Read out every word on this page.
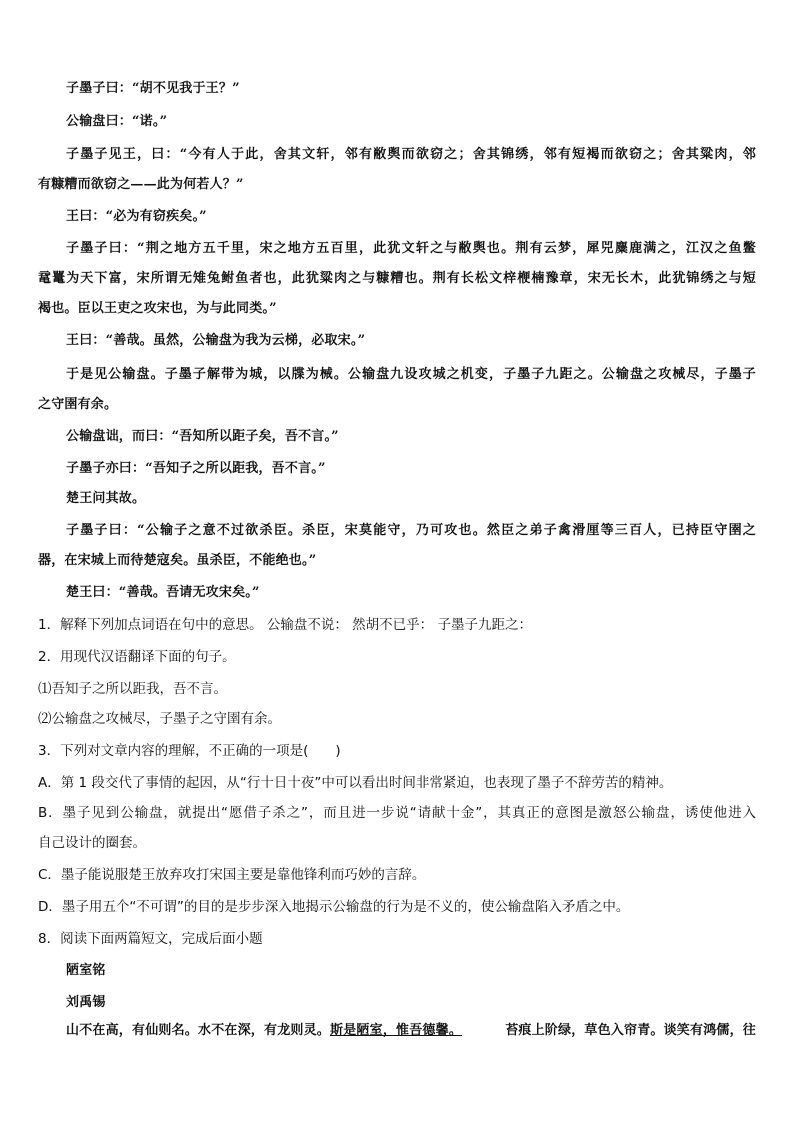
子墨子曰：“胡不见我于王？”
公输盘曰：“诺。”
子墨子见王，曰：“今有人于此，舍其文轩，邻有敝舆而欲窃之；舍其锦绣，邻有短褐而欲窃之；舍其粱肉，邻
有糠糟而欲窃之——此为何若人？”
王曰：“必为有窃疾矣。”
子墨子曰：“荆之地方五千里，宋之地方五百里，此犹文轩之与敝舆也。荆有云梦，犀兕麋鹿满之，江汉之鱼鳖
鼋鼍为天下富，宋所谓无雉兔鲋鱼者也，此犹粱肉之与糠糟也。荆有长松文梓楩楠豫章，宋无长木，此犹锦绣之与短
褐也。臣以王吏之攻宋也，为与此同类。”
王曰：“善哉。虽然，公输盘为我为云梯，必取宋。”
于是见公输盘。子墨子解带为城，以牒为械。公输盘九设攻城之机变，子墨子九距之。公输盘之攻械尽，子墨子
之守圉有余。
公输盘诎，而曰：“吾知所以距子矣，吾不言。”
子墨子亦曰：“吾知子之所以距我，吾不言。”
楚王问其故。
子墨子曰：“公输子之意不过欲杀臣。杀臣，宋莫能守，乃可攻也。然臣之弟子禽滑厘等三百人，已持臣守圉之
器，在宋城上而待楚寇矣。虽杀臣，不能绝也。”
楚王曰：“善哉。吾请无攻宋矣。”
1．解释下列加点词语在句中的意思。 公输盘不说： 然胡不已乎： 子墨子九距之：
2．用现代汉语翻译下面的句子。
⑴吾知子之所以距我，吾不言。
⑵公输盘之攻械尽，子墨子之守圉有余。
3．下列对文章内容的理解，不正确的一项是(　　)
A．第 1 段交代了事情的起因，从“行十日十夜”中可以看出时间非常紧迫，也表现了墨子不辞劳苦的精神。
B．墨子见到公输盘，就提出“愿借子杀之”，而且进一步说“请献十金”，其真正的意图是激怒公输盘，诱使他进入
自己设计的圈套。
C．墨子能说服楚王放弃攻打宋国主要是靠他锋利而巧妙的言辞。
D．墨子用五个“不可谓”的目的是步步深入地揭示公输盘的行为是不义的，使公输盘陷入矛盾之中。
8．阅读下面两篇短文，完成后面小题
陋室铭
刘禹锡
山不在高，有仙则名。水不在深，有龙则灵。 斯是陋室，惟吾德馨。	苔痕上阶绿，草色入帘青。谈笑有鸿儒，往
